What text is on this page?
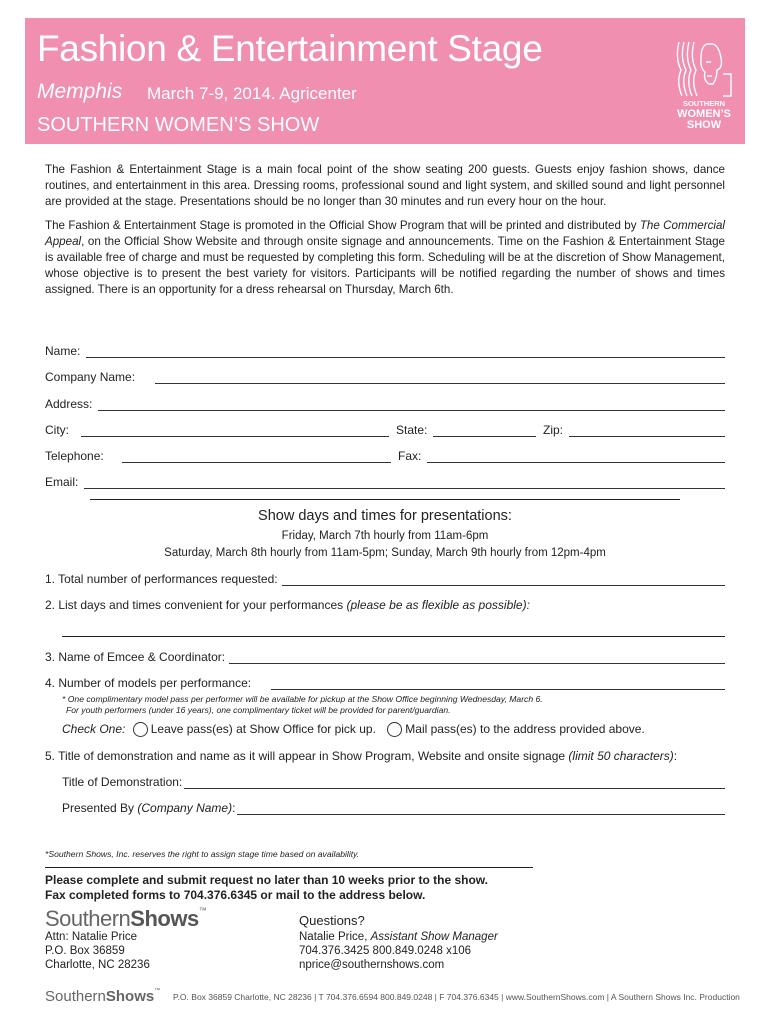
Fashion & Entertainment Stage
Memphis March 7-9, 2014. Agricenter
SOUTHERN WOMEN’S SHOW
SOUTHERN
WOMEN’S
SHOW

The Fashion & Entertainment Stage is a main focal point of the show seating 200 guests. Guests enjoy fashion shows, dance routines, and entertainment in this area. Dressing rooms, professional sound and light system, and skilled sound and light personnel are provided at the stage. Presentations should be no longer than 30 minutes and run every hour on the hour.

The Fashion & Entertainment Stage is promoted in the Official Show Program that will be printed and distributed by The Commercial Appeal, on the Official Show Website and through onsite signage and announcements. Time on the Fashion & Entertainment Stage is available free of charge and must be requested by completing this form. Scheduling will be at the discretion of Show Management, whose objective is to present the best variety for visitors. Participants will be notified regarding the number of shows and times assigned. There is an opportunity for a dress rehearsal on Thursday, March 6th.

Name:
Company Name:
Address:
City:	State:	Zip:
Telephone:	Fax:
Email:
Show days and times for presentations:
Friday, March 7th hourly from 11am-6pm
Saturday, March 8th hourly from 11am-5pm; Sunday, March 9th hourly from 12pm-4pm
1. Total number of performances requested:
2. List days and times convenient for your performances (please be as flexible as possible):
3. Name of Emcee & Coordinator:
4. Number of models per performance:
* One complimentary model pass per performer will be available for pickup at the Show Office beginning Wednesday, March 6.
For youth performers (under 16 years), one complimentary ticket will be provided for parent/guardian.
Check One: Leave pass(es) at Show Office for pick up. Mail pass(es) to the address provided above.
5. Title of demonstration and name as it will appear in Show Program, Website and onsite signage (limit 50 characters):
Title of Demonstration:
Presented By (Company Name):
*Southern Shows, Inc. reserves the right to assign stage time based on availability.
Please complete and submit request no later than 10 weeks prior to the show.
Fax completed forms to 704.376.6345 or mail to the address below.
SouthernShows™
Attn: Natalie Price
P.O. Box 36859
Charlotte, NC 28236
Questions?
Natalie Price, Assistant Show Manager
704.376.3425 800.849.0248 x106
nprice@southernshows.com
SouthernShows™
P.O. Box 36859 Charlotte, NC 28236 | T 704.376.6594 800.849.0248 | F 704.376.6345 | www.SouthernShows.com | A Southern Shows Inc. Production
